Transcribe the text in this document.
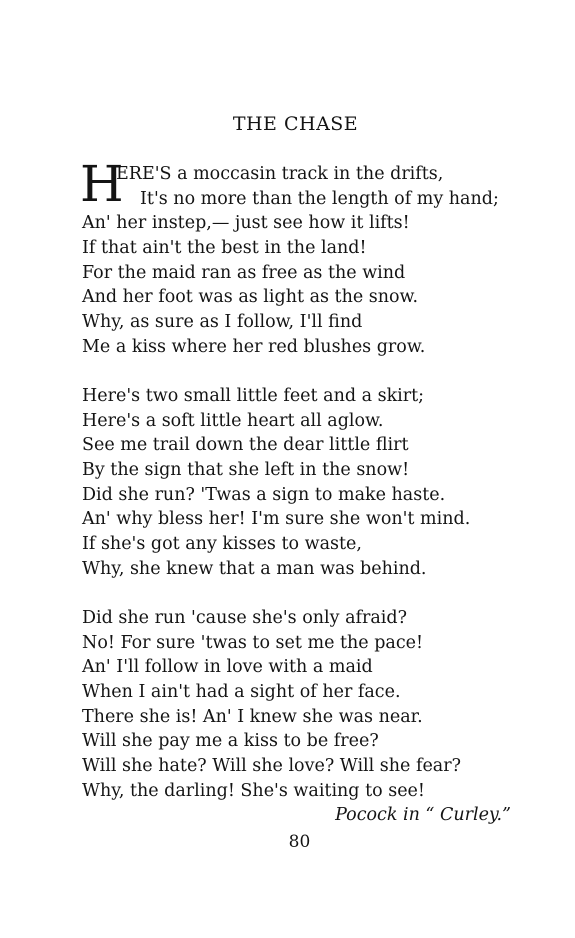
THE CHASE
H
ERE'S a moccasin track in the drifts,
It's no more than the length of my hand;
An' her instep,— just see how it lifts!
If that ain't the best in the land!
For the maid ran as free as the wind
And her foot was as light as the snow.
Why, as sure as I follow, I'll find
Me a kiss where her red blushes grow.
Here's two small little feet and a skirt;
Here's a soft little heart all aglow.
See me trail down the dear little flirt
By the sign that she left in the snow!
Did she run? 'Twas a sign to make haste.
An' why bless her! I'm sure she won't mind.
If she's got any kisses to waste,
Why, she knew that a man was behind.
Did she run 'cause she's only afraid?
No! For sure 'twas to set me the pace!
An' I'll follow in love with a maid
When I ain't had a sight of her face.
There she is! An' I knew she was near.
Will she pay me a kiss to be free?
Will she hate? Will she love? Will she fear?
Why, the darling! She's waiting to see!
Pocock in “ Curley.”
80
